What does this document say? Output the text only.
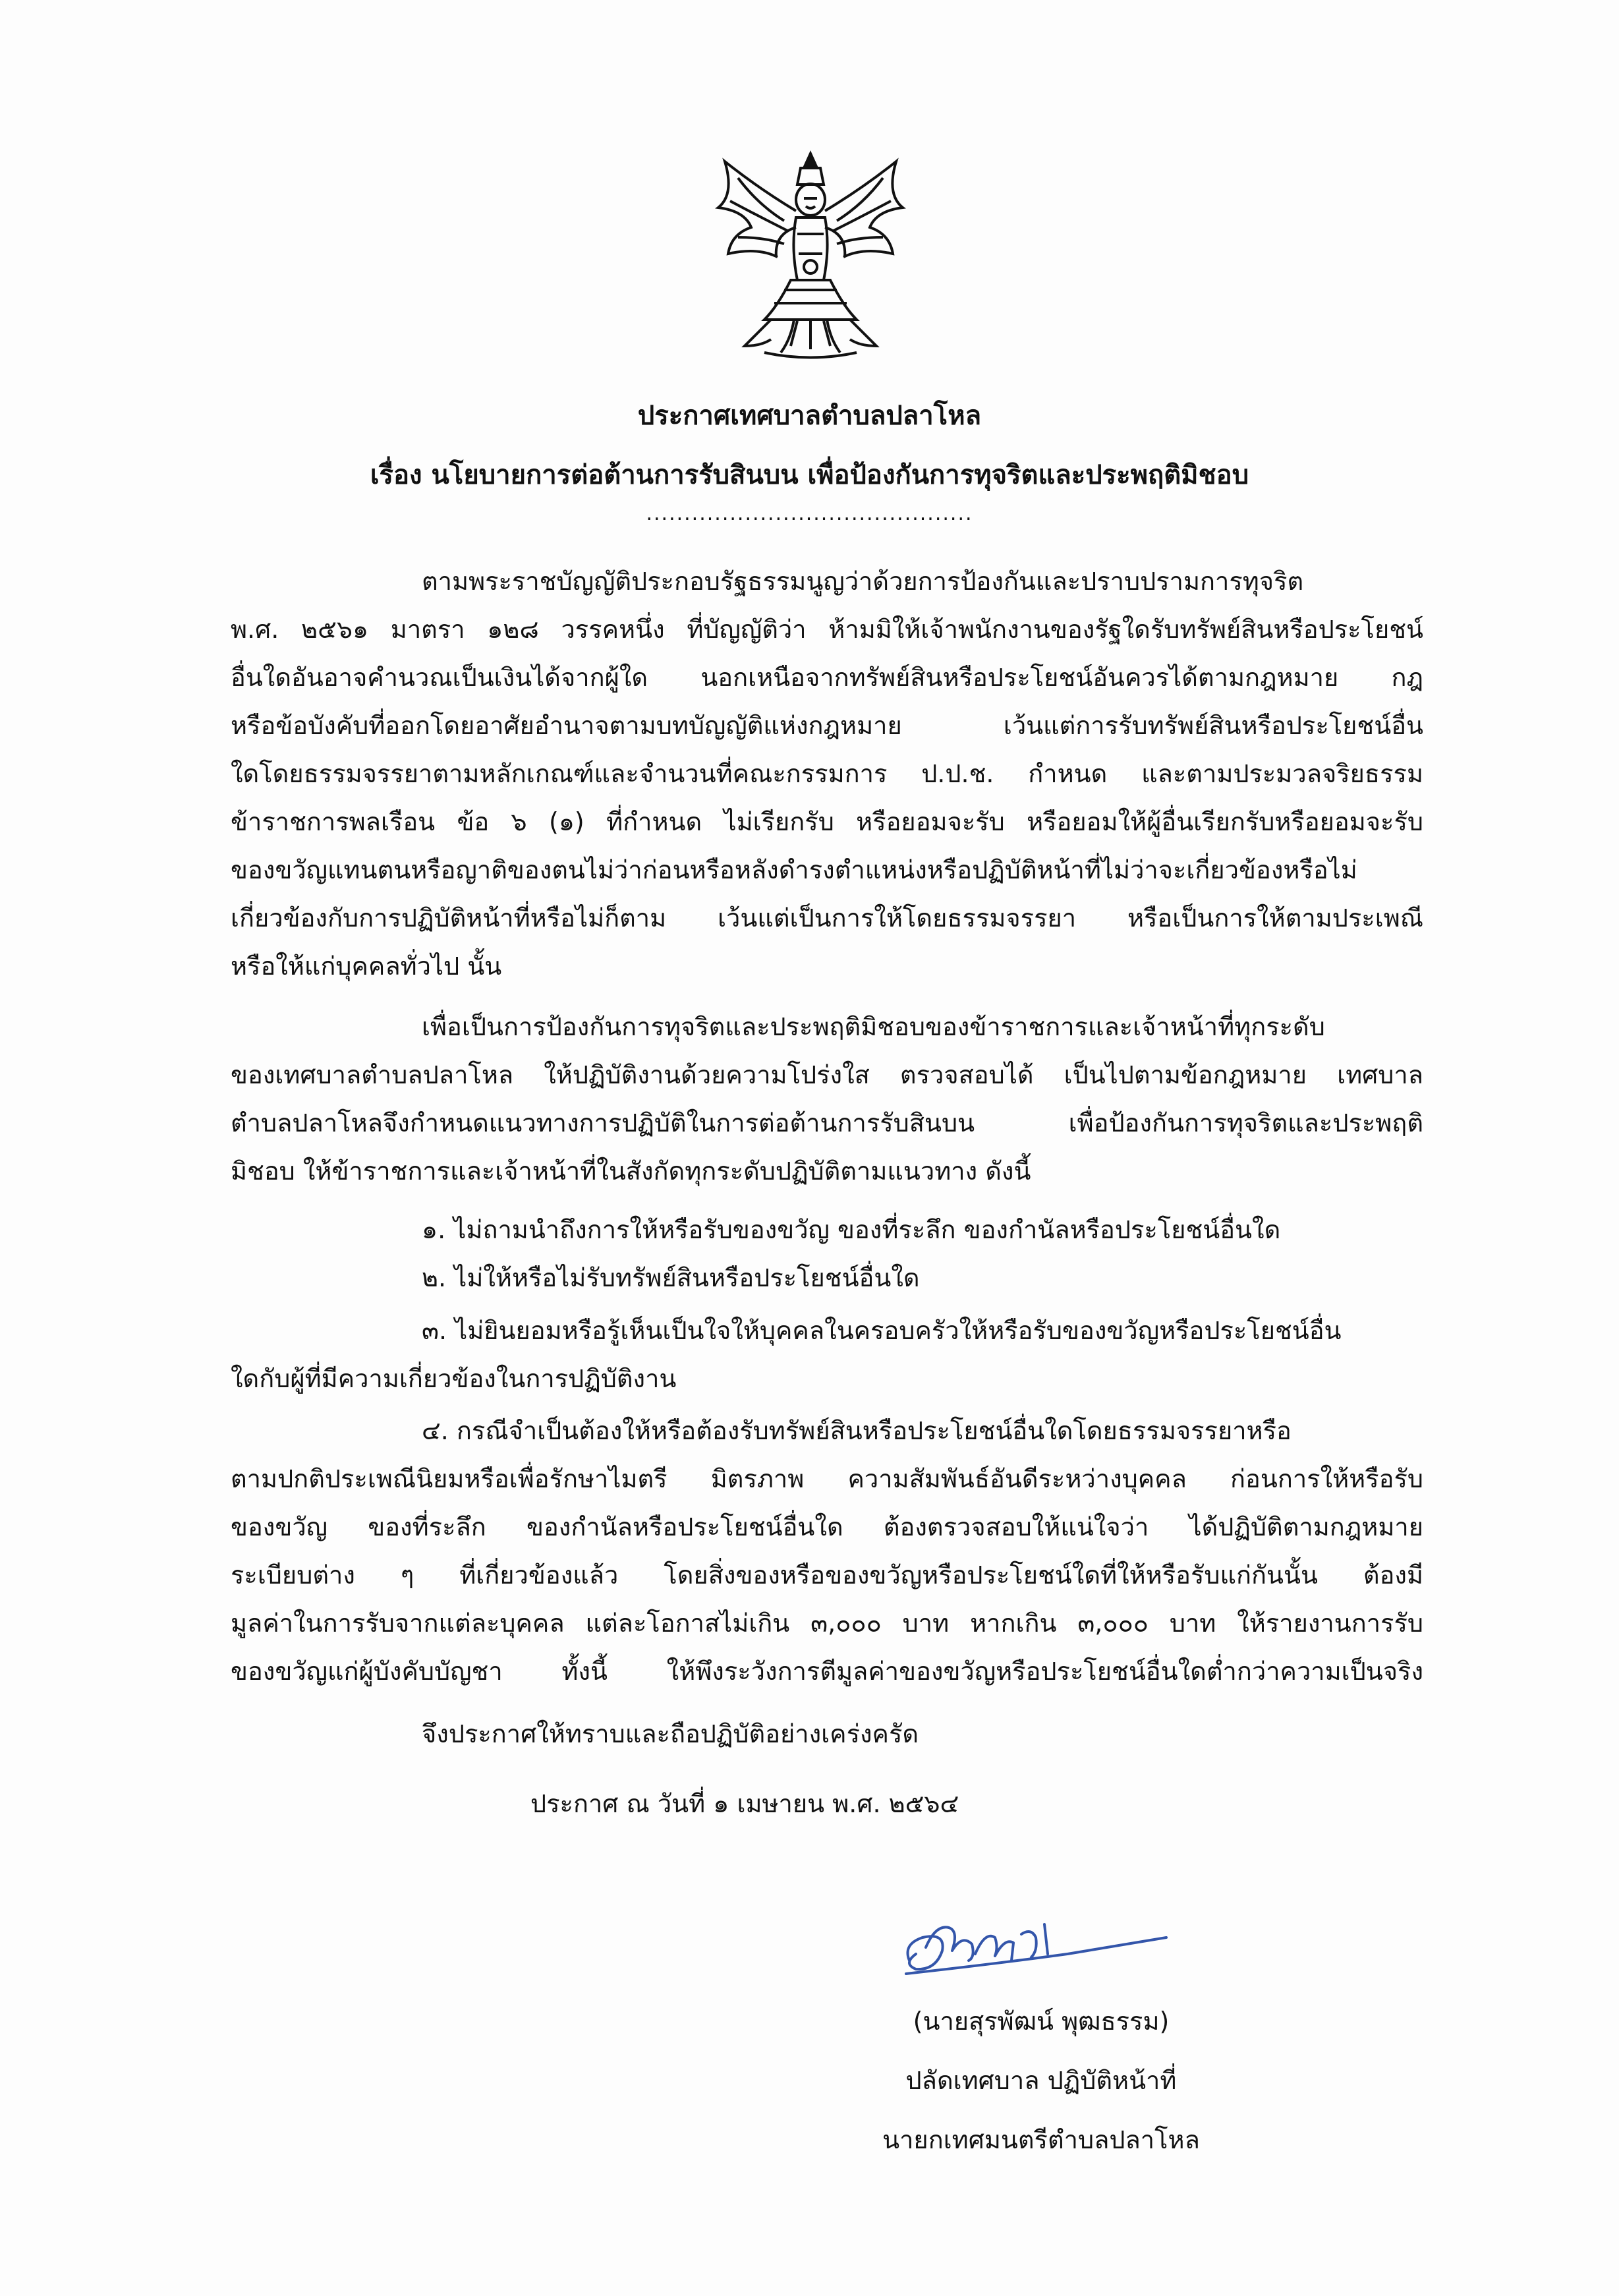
ประกาศเทศบาลตำบลปลาโหล
เรื่อง นโยบายการต่อต้านการรับสินบน เพื่อป้องกันการทุจริตและประพฤติมิชอบ
...........................................
ตามพระราชบัญญัติประกอบรัฐธรรมนูญว่าด้วยการป้องกันและปราบปรามการทุจริต
พ.ศ. ๒๕๖๑ มาตรา ๑๒๘ วรรคหนึ่ง ที่บัญญัติว่า ห้ามมิให้เจ้าพนักงานของรัฐใดรับทรัพย์สินหรือประโยชน์
อื่นใดอันอาจคำนวณเป็นเงินได้จากผู้ใด นอกเหนือจากทรัพย์สินหรือประโยชน์อันควรได้ตามกฎหมาย กฎ
หรือข้อบังคับที่ออกโดยอาศัยอำนาจตามบทบัญญัติแห่งกฎหมาย เว้นแต่การรับทรัพย์สินหรือประโยชน์อื่น
ใดโดยธรรมจรรยาตามหลักเกณฑ์และจำนวนที่คณะกรรมการ ป.ป.ช. กำหนด และตามประมวลจริยธรรม
ข้าราชการพลเรือน ข้อ ๖ (๑) ที่กำหนด ไม่เรียกรับ หรือยอมจะรับ หรือยอมให้ผู้อื่นเรียกรับหรือยอมจะรับ
ของขวัญแทนตนหรือญาติของตนไม่ว่าก่อนหรือหลังดำรงตำแหน่งหรือปฏิบัติหน้าที่ไม่ว่าจะเกี่ยวข้องหรือไม่
เกี่ยวข้องกับการปฏิบัติหน้าที่หรือไม่ก็ตาม เว้นแต่เป็นการให้โดยธรรมจรรยา หรือเป็นการให้ตามประเพณี
หรือให้แก่บุคคลทั่วไป นั้น
เพื่อเป็นการป้องกันการทุจริตและประพฤติมิชอบของข้าราชการและเจ้าหน้าที่ทุกระดับ
ของเทศบาลตำบลปลาโหล ให้ปฏิบัติงานด้วยความโปร่งใส ตรวจสอบได้ เป็นไปตามข้อกฎหมาย เทศบาล
ตำบลปลาโหลจึงกำหนดแนวทางการปฏิบัติในการต่อต้านการรับสินบน เพื่อป้องกันการทุจริตและประพฤติ
มิชอบ ให้ข้าราชการและเจ้าหน้าที่ในสังกัดทุกระดับปฏิบัติตามแนวทาง ดังนี้
๑. ไม่ถามนำถึงการให้หรือรับของขวัญ ของที่ระลึก ของกำนัลหรือประโยชน์อื่นใด
๒. ไม่ให้หรือไม่รับทรัพย์สินหรือประโยชน์อื่นใด
๓. ไม่ยินยอมหรือรู้เห็นเป็นใจให้บุคคลในครอบครัวให้หรือรับของขวัญหรือประโยชน์อื่น
ใดกับผู้ที่มีความเกี่ยวข้องในการปฏิบัติงาน
๔. กรณีจำเป็นต้องให้หรือต้องรับทรัพย์สินหรือประโยชน์อื่นใดโดยธรรมจรรยาหรือ
ตามปกติประเพณีนิยมหรือเพื่อรักษาไมตรี มิตรภาพ ความสัมพันธ์อันดีระหว่างบุคคล ก่อนการให้หรือรับ
ของขวัญ ของที่ระลึก ของกำนัลหรือประโยชน์อื่นใด ต้องตรวจสอบให้แน่ใจว่า ได้ปฏิบัติตามกฎหมาย
ระเบียบต่าง ๆ ที่เกี่ยวข้องแล้ว โดยสิ่งของหรือของขวัญหรือประโยชน์ใดที่ให้หรือรับแก่กันนั้น ต้องมี
มูลค่าในการรับจากแต่ละบุคคล แต่ละโอกาสไม่เกิน ๓,๐๐๐ บาท หากเกิน ๓,๐๐๐ บาท ให้รายงานการรับ
ของขวัญแก่ผู้บังคับบัญชา ทั้งนี้ ให้พึงระวังการตีมูลค่าของขวัญหรือประโยชน์อื่นใดต่ำกว่าความเป็นจริง
จึงประกาศให้ทราบและถือปฏิบัติอย่างเคร่งครัด
ประกาศ ณ วันที่ ๑ เมษายน พ.ศ. ๒๕๖๔
(นายสุรพัฒน์ พุฒธรรม)
ปลัดเทศบาล ปฏิบัติหน้าที่
นายกเทศมนตรีตำบลปลาโหล
